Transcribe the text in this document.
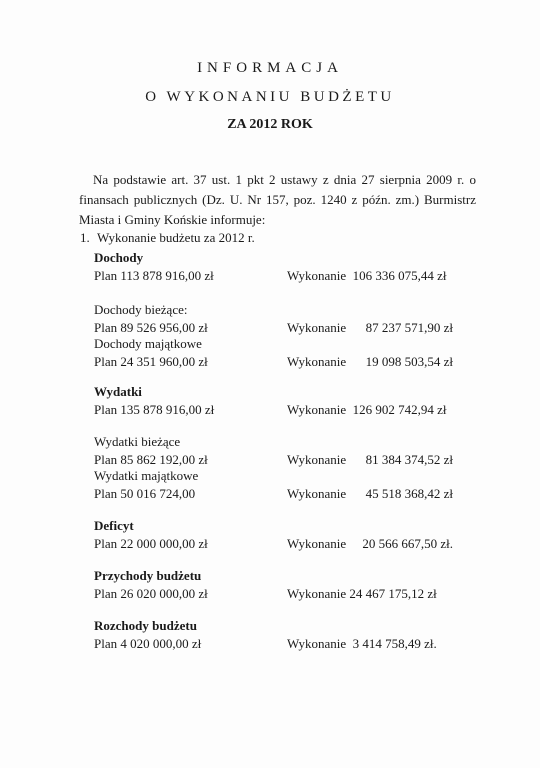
INFORMACJA
O WYKONANIU BUDŻETU
ZA 2012 ROK
Na podstawie art. 37 ust. 1 pkt 2 ustawy z dnia 27 sierpnia 2009 r. o finansach publicznych (Dz. U. Nr 157, poz. 1240 z późn. zm.) Burmistrz Miasta i Gminy Końskie informuje:
1. Wykonanie budżetu za 2012 r.
Dochody
Plan 113 878 916,00 zł	Wykonanie 106 336 075,44 zł
Dochody bieżące:
Plan 89 526 956,00 zł	Wykonanie 87 237 571,90 zł
Dochody majątkowe
Plan 24 351 960,00 zł	Wykonanie 19 098 503,54 zł
Wydatki
Plan 135 878 916,00 zł	Wykonanie 126 902 742,94 zł
Wydatki bieżące
Plan 85 862 192,00 zł	Wykonanie 81 384 374,52 zł
Wydatki majątkowe
Plan 50 016 724,00	Wykonanie 45 518 368,42 zł
Deficyt
Plan 22 000 000,00 zł	Wykonanie 20 566 667,50 zł.
Przychody budżetu
Plan 26 020 000,00 zł	Wykonanie 24 467 175,12 zł
Rozchody budżetu
Plan 4 020 000,00 zł	Wykonanie 3 414 758,49 zł.
